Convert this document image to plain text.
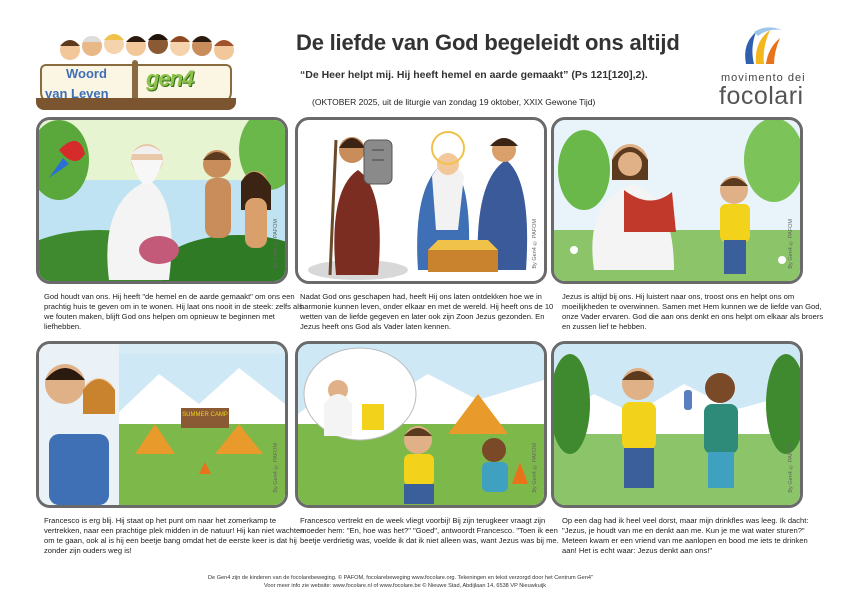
De liefde van God begeleidt ons altijd
“De Heer helpt mij. Hij heeft hemel en aarde gemaakt” (Ps 121[120],2).
(OKTOBER 2025, uit de liturgie van zondag 19 oktober, XXIX Gewone Tijd)
Woord
van Leven
gen4	movimento dei
focolari
By Gen4 © PAFOM
God houdt van ons. Hij heeft "de hemel en de aarde gemaakt" om ons een prachtig huis te geven om in te wonen. Hij laat ons nooit in de steek: zelfs als we fouten maken, blijft God ons helpen om opnieuw te beginnen met liefhebben.
By Gen4 © PAFOM
Nadat God ons geschapen had, heeft Hij ons laten ontdekken hoe we in harmonie kunnen leven, onder elkaar en met de wereld. Hij heeft ons de 10 wetten van de liefde gegeven en later ook zijn Zoon Jezus gezonden. En Jezus heeft ons God als Vader laten kennen.
By Gen4 © PAFOM
Jezus is altijd bij ons. Hij luistert naar ons, troost ons en helpt ons om moeilijkheden te overwinnen. Samen met Hem kunnen we de liefde van God, onze Vader ervaren. God die aan ons denkt en ons helpt om elkaar als broers en zussen lief te hebben.
SUMMER CAMP
By Gen4 © PAFOM
Francesco is erg blij. Hij staat op het punt om naar het zomerkamp te vertrekken, naar een prachtige plek midden in de natuur! Hij kan niet wachten om te gaan, ook al is hij een beetje bang omdat het de eerste keer is dat hij zonder zijn ouders weg is!
By Gen4 © PAFOM
Francesco vertrekt en de week vliegt voorbij! Bij zijn terugkeer vraagt zijn moeder hem: "En, hoe was het?" "Goed", antwoordt Francesco. "Toen ik een beetje verdrietig was, voelde ik dat ik niet alleen was, want Jezus was bij me.
By Gen4 © PAFOM
Op een dag had ik heel veel dorst, maar mijn drinkfles was leeg. Ik dacht: "Jezus, je houdt van me en denkt aan me. Kun je me wat water sturen?" Meteen kwam er een vriend van me aanlopen en bood me iets te drinken aan! Het is echt waar: Jezus denkt aan ons!"
De Gen4 zijn de kinderen van de focolarebeweging. © PAFOM, focolarebeweging www.focolare.org. Tekeningen en tekst verzorgd door het Centrum Gen4"
Voor meer info zie website: www.focolare.nl of www.focolare.be © Nieuwe Stad, Abdijlaan 14, 6538 VP Nieuwkuijk
